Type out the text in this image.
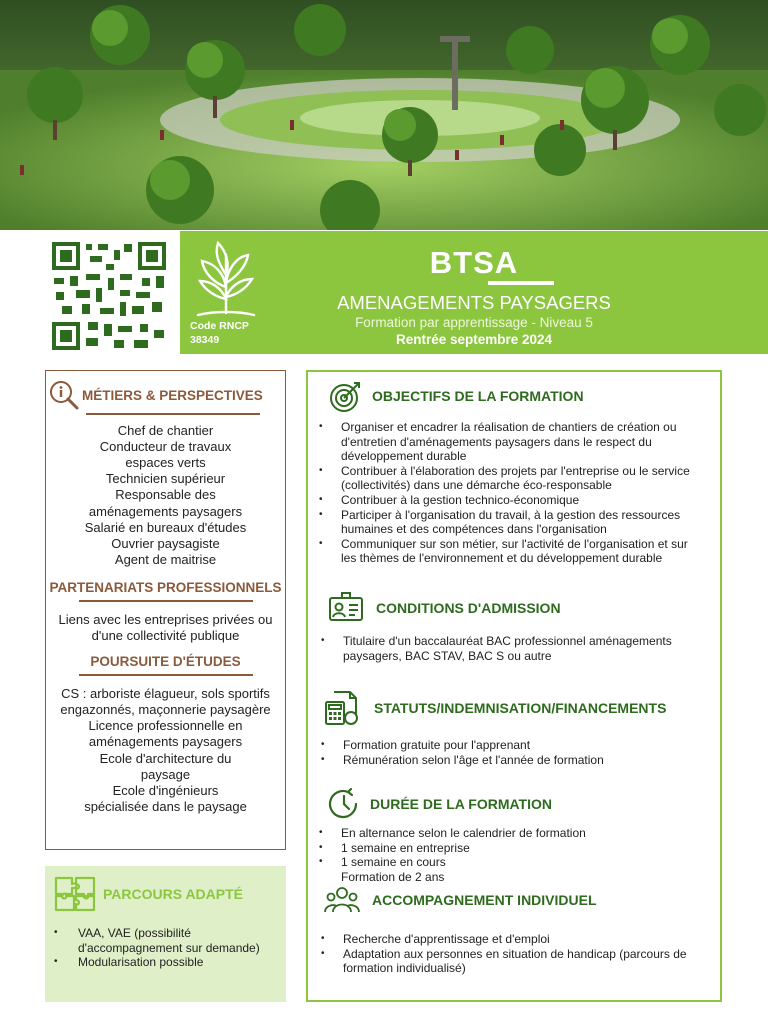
Code RNCP
38349
BTSA
AMENAGEMENTS PAYSAGERS
Formation par apprentissage - Niveau 5
Rentrée septembre 2024
MÉTIERS & PERSPECTIVES
Chef de chantier
Conducteur de travaux
espaces verts
Technicien supérieur
Responsable des
aménagements paysagers
Salarié en bureaux d'études
Ouvrier paysagiste
Agent de maitrise
PARTENARIATS PROFESSIONNELS
Liens avec les entreprises privées ou
d'une collectivité publique
POURSUITE D'ÉTUDES
CS : arboriste élagueur, sols sportifs
engazonnés, maçonnerie paysagère
Licence professionnelle en
aménagements paysagers
Ecole d'architecture du
paysage
Ecole d'ingénieurs
spécialisée dans le paysage
PARCOURS ADAPTÉ
• VAA, VAE (possibilité d'accompagnement sur demande)
• Modularisation possible
OBJECTIFS DE LA FORMATION
• Organiser et encadrer la réalisation de chantiers de création ou d'entretien d'aménagements paysagers dans le respect du développement durable
• Contribuer à l'élaboration des projets par l'entreprise ou le service (collectivités) dans une démarche éco-responsable
• Contribuer à la gestion technico-économique
• Participer à l'organisation du travail, à la gestion des ressources humaines et des compétences dans l'organisation
• Communiquer sur son métier, sur l'activité de l'organisation et sur les thèmes de l'environnement et du développement durable
CONDITIONS D'ADMISSION
• Titulaire d'un baccalauréat BAC professionnel aménagements paysagers, BAC STAV, BAC S ou autre
STATUTS/INDEMNISATION/FINANCEMENTS
• Formation gratuite pour l'apprenant
• Rémunération selon l'âge et l'année de formation
DURÉE DE LA FORMATION
• En alternance selon le calendrier de formation
• 1 semaine en entreprise
• 1 semaine en cours
Formation de 2 ans
ACCOMPAGNEMENT INDIVIDUEL
• Recherche d'apprentissage et d'emploi
• Adaptation aux personnes en situation de handicap (parcours de formation individualisé)
